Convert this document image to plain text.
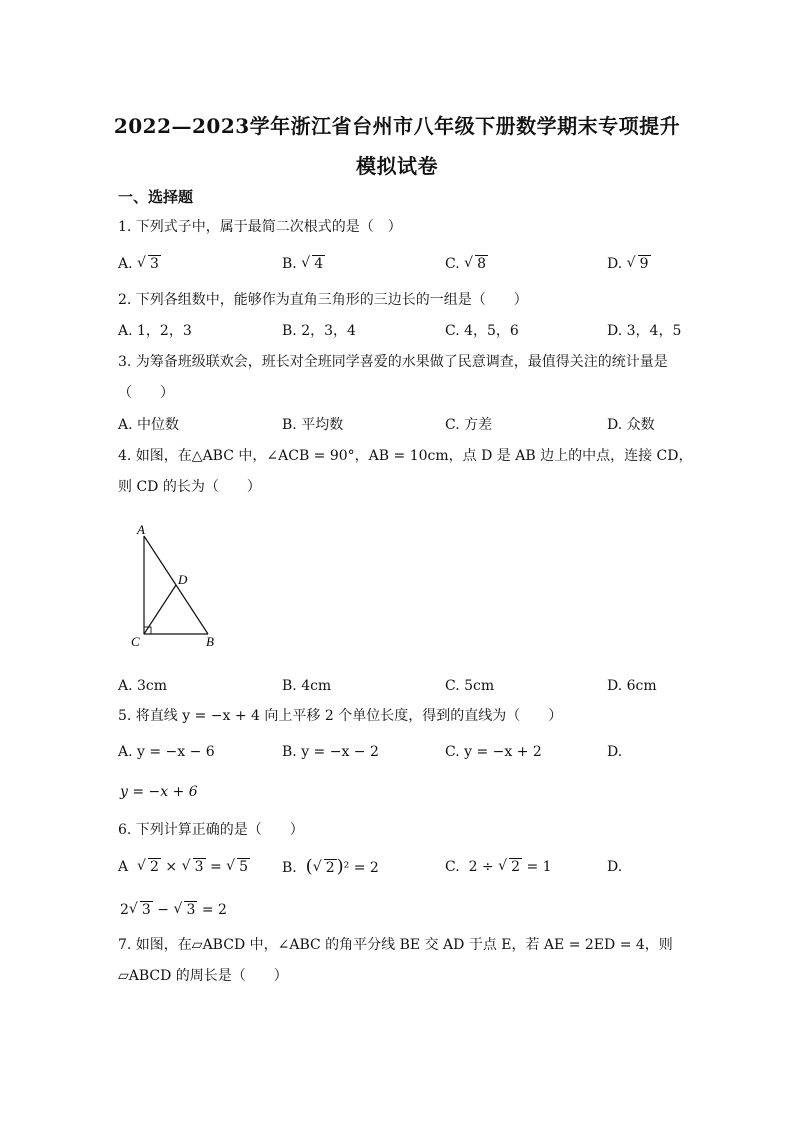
2022—2023学年浙江省台州市八年级下册数学期末专项提升
模拟试卷
一、选择题
1. 下列式子中，属于最简二次根式的是（　）
A. √ 3	B. √ 4	C. √ 8	D. √ 9
2. 下列各组数中，能够作为直角三角形的三边长的一组是（　　）
A. 1，2，3	B. 2，3，4	C. 4，5，6	D. 3，4，5
3. 为筹备班级联欢会，班长对全班同学喜爱的水果做了民意调查，最值得关注的统计量是
（　　）
A. 中位数	B. 平均数	C. 方差	D. 众数
4. 如图，在△ABC 中，∠ACB = 90°，AB = 10cm，点 D 是 AB 边上的中点，连接 CD，
则 CD 的长为（　　）
A
D
C	B
A. 3cm	B. 4cm	C. 5cm	D. 6cm
5. 将直线 y = −x + 4 向上平移 2 个单位长度，得到的直线为（　　）
A. y = −x − 6	B. y = −x − 2	C. y = −x + 2	D.
y = −x + 6
6. 下列计算正确的是（　　）
A √ 2 × √ 3 = √ 5 B. ( √ 2 )² = 2	C. 2 ÷ √ 2 = 1	D.
2 √ 3 − √ 3 = 2
7. 如图，在▱ABCD 中，∠ABC 的角平分线 BE 交 AD 于点 E，若 AE = 2ED = 4，则
▱ABCD 的周长是（　　）
